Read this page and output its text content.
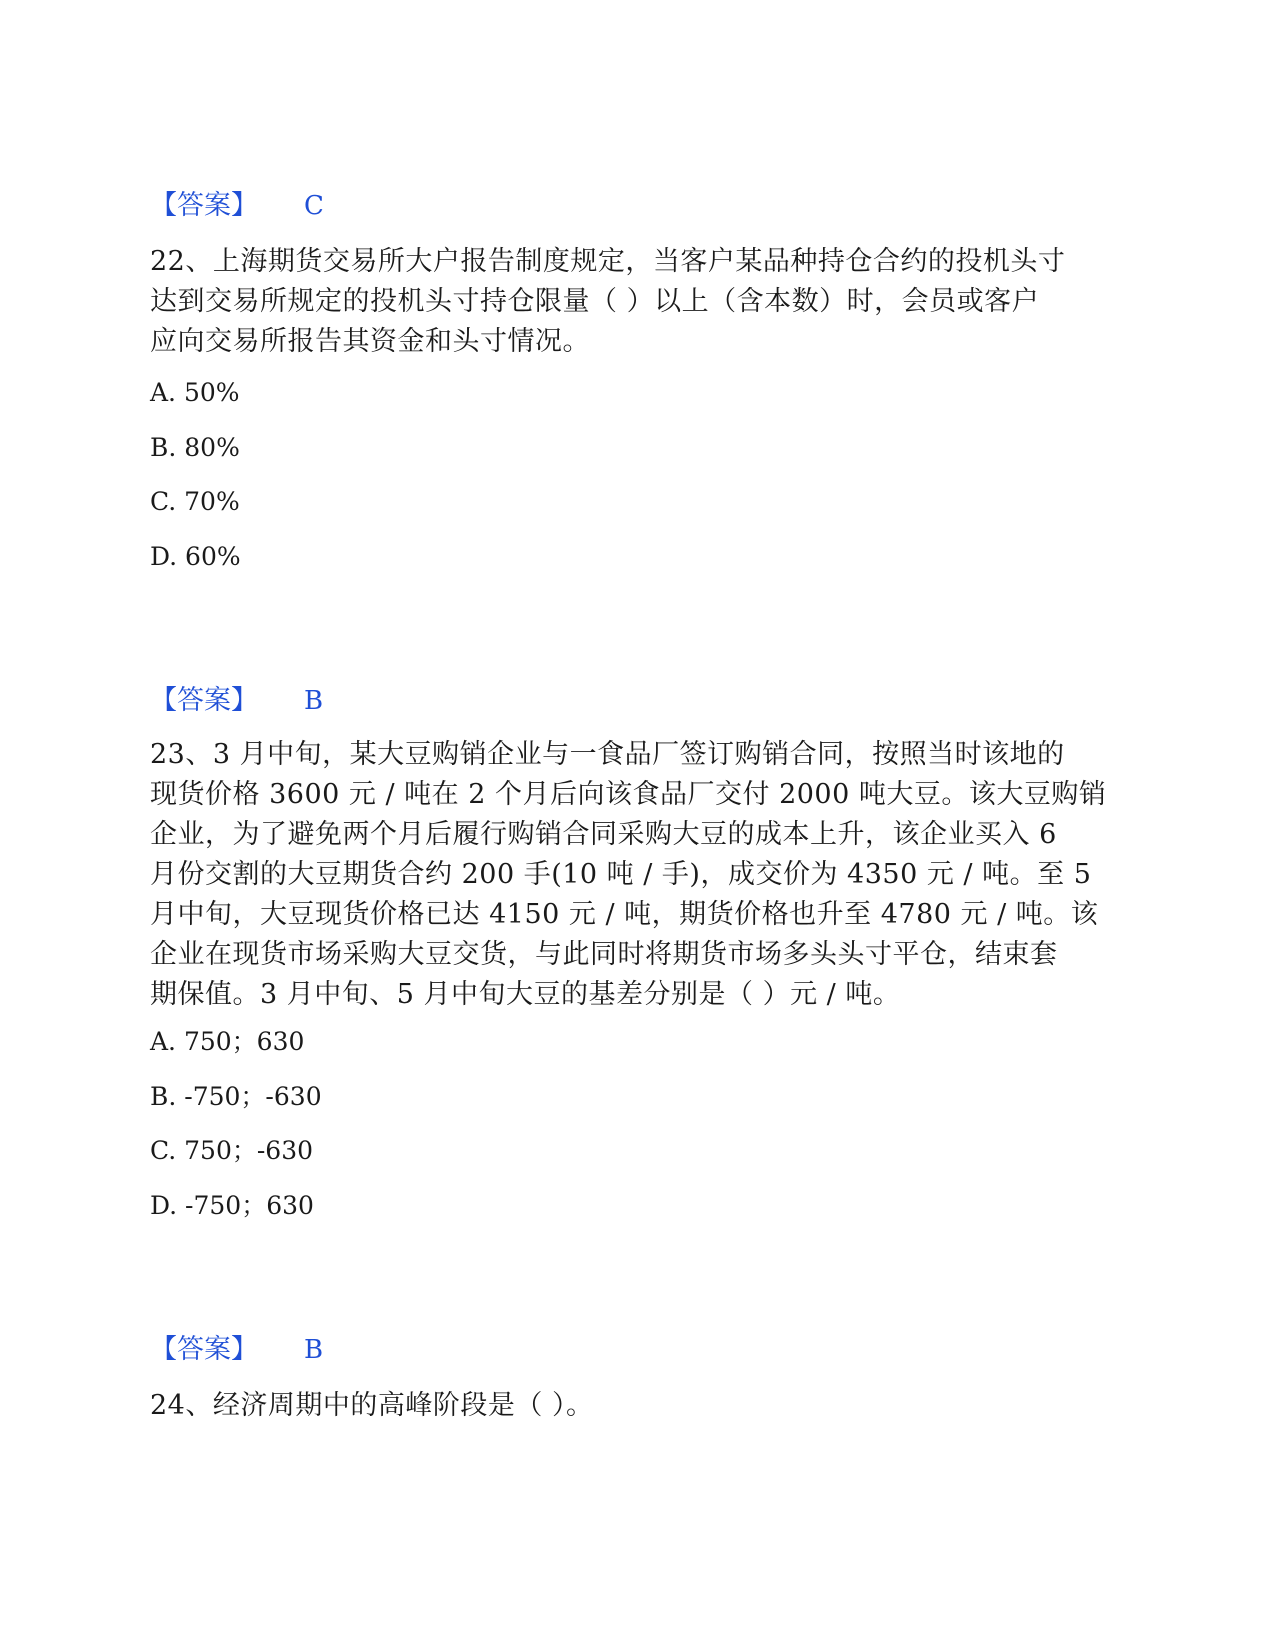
【答案】 C
22、上海期货交易所大户报告制度规定，当客户某品种持仓合约的投机头寸
达到交易所规定的投机头寸持仓限量（ ）以上（含本数）时，会员或客户
应向交易所报告其资金和头寸情况。
A. 50%
B. 80%
C. 70%
D. 60%
【答案】 B
23、3 月中旬，某大豆购销企业与一食品厂签订购销合同，按照当时该地的
现货价格 3600 元 / 吨在 2 个月后向该食品厂交付 2000 吨大豆。该大豆购销
企业，为了避免两个月后履行购销合同采购大豆的成本上升，该企业买入 6
月份交割的大豆期货合约 200 手(10 吨 / 手)，成交价为 4350 元 / 吨。至 5
月中旬，大豆现货价格已达 4150 元 / 吨，期货价格也升至 4780 元 / 吨。该
企业在现货市场采购大豆交货，与此同时将期货市场多头头寸平仓，结束套
期保值。3 月中旬、5 月中旬大豆的基差分别是（ ）元 / 吨。
A. 750；630
B. -750；-630
C. 750；-630
D. -750；630
【答案】 B
24、经济周期中的高峰阶段是（ ）。
